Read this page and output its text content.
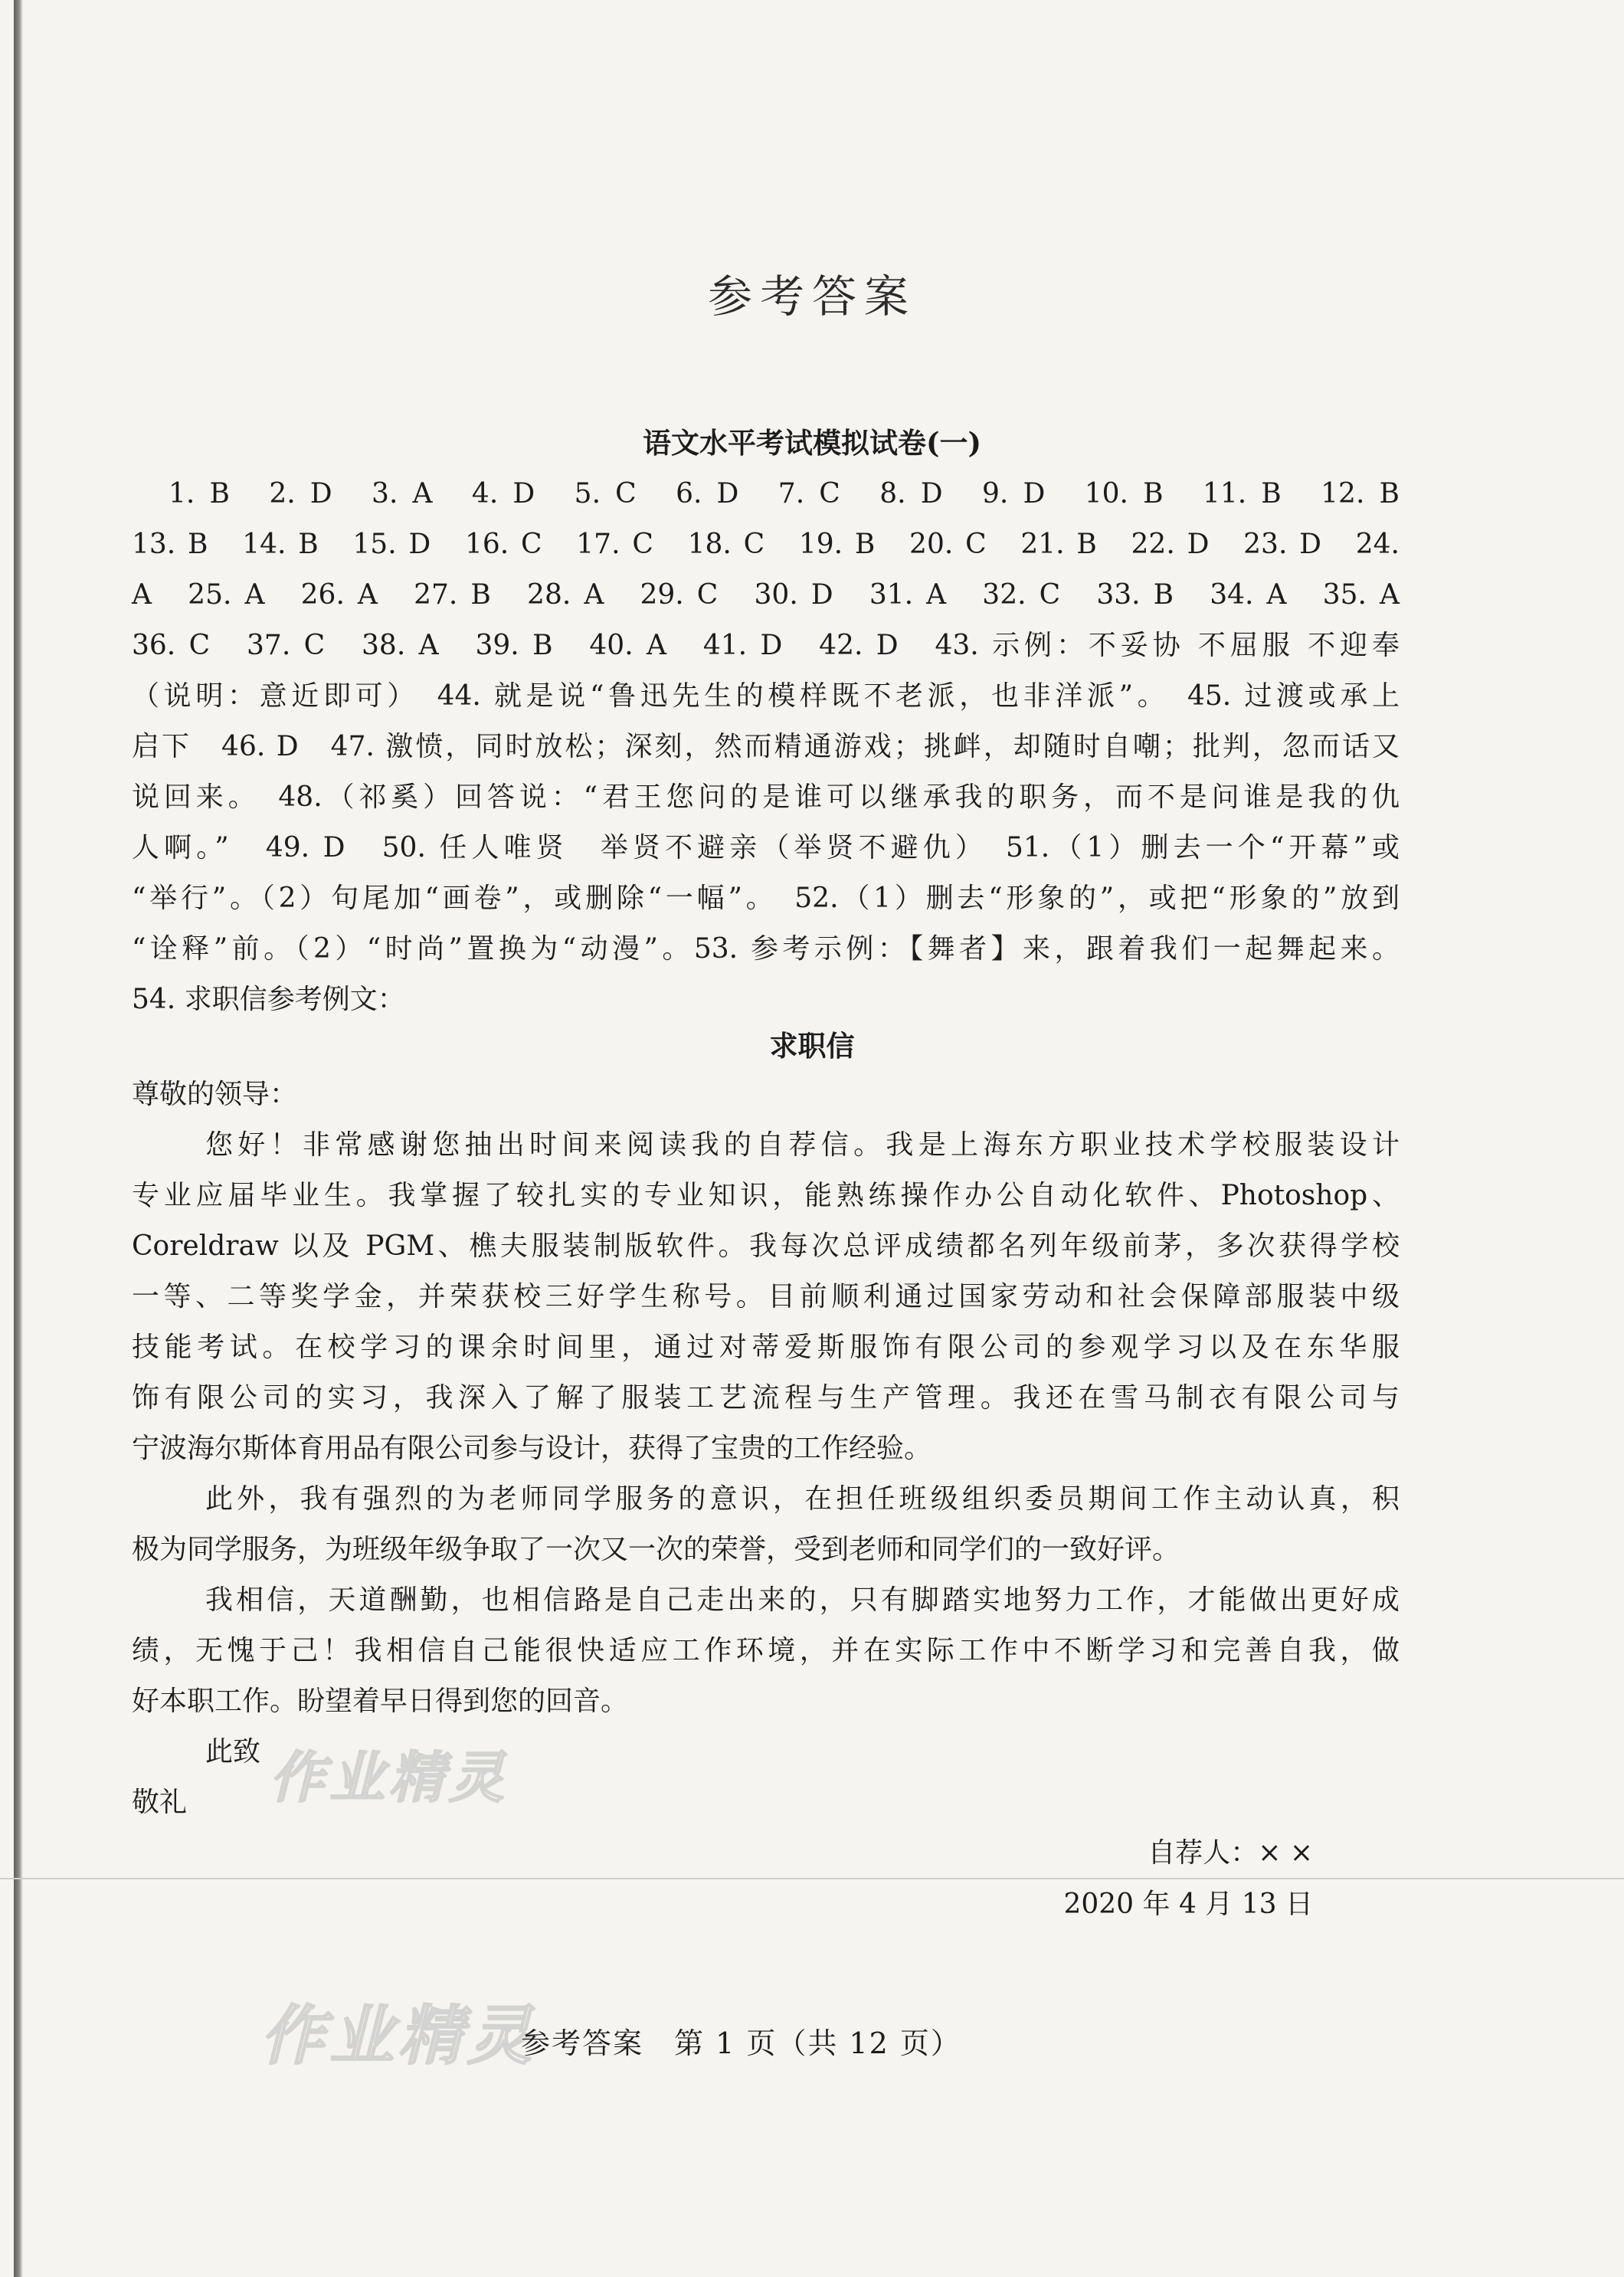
参考答案
语文水平考试模拟试卷(一)
1. B　2. D　3. A　4. D　5. C　6. D　7. C　8. D　9. D　10. B　11. B　12. B
13. B　14. B　15. D　16. C　17. C　18. C　19. B　20. C　21. B　22. D　23. D　24.
A　25. A　26. A　27. B　28. A　29. C　30. D　31. A　32. C　33. B　34. A　35. A
36. C　37. C　38. A　39. B　40. A　41. D　42. D　43. 示例：不妥协 不屈服 不迎奉
（说明：意近即可）　44. 就是说“鲁迅先生的模样既不老派，也非洋派”。　45. 过渡或承上
启下　46. D　47. 激愤，同时放松；深刻，然而精通游戏；挑衅，却随时自嘲；批判，忽而话又
说回来。　48.（祁奚）回答说：“君王您问的是谁可以继承我的职务，而不是问谁是我的仇
人啊。”　49. D　50. 任人唯贤　举贤不避亲（举贤不避仇）　51.（1）删去一个“开幕”或
“举行”。（2）句尾加“画卷”，或删除“一幅”。　52.（1）删去“形象的”，或把“形象的”放到
“诠释”前。（2）“时尚”置换为“动漫”。53. 参考示例：【舞者】来，跟着我们一起舞起来。
54. 求职信参考例文：
求职信
尊敬的领导：
您好！非常感谢您抽出时间来阅读我的自荐信。我是上海东方职业技术学校服装设计
专业应届毕业生。我掌握了较扎实的专业知识，能熟练操作办公自动化软件、Photoshop、
Coreldraw 以及 PGM、樵夫服装制版软件。我每次总评成绩都名列年级前茅，多次获得学校
一等、二等奖学金，并荣获校三好学生称号。目前顺利通过国家劳动和社会保障部服装中级
技能考试。在校学习的课余时间里，通过对蒂爱斯服饰有限公司的参观学习以及在东华服
饰有限公司的实习，我深入了解了服装工艺流程与生产管理。我还在雪马制衣有限公司与
宁波海尔斯体育用品有限公司参与设计，获得了宝贵的工作经验。
此外，我有强烈的为老师同学服务的意识，在担任班级组织委员期间工作主动认真，积
极为同学服务，为班级年级争取了一次又一次的荣誉，受到老师和同学们的一致好评。
我相信，天道酬勤，也相信路是自己走出来的，只有脚踏实地努力工作，才能做出更好成
绩，无愧于己！我相信自己能很快适应工作环境，并在实际工作中不断学习和完善自我，做
好本职工作。盼望着早日得到您的回音。
此致
敬礼
自荐人：× ×
2020 年 4 月 13 日
作业精灵
作业精灵
参考答案　第 1 页（共 12 页）
